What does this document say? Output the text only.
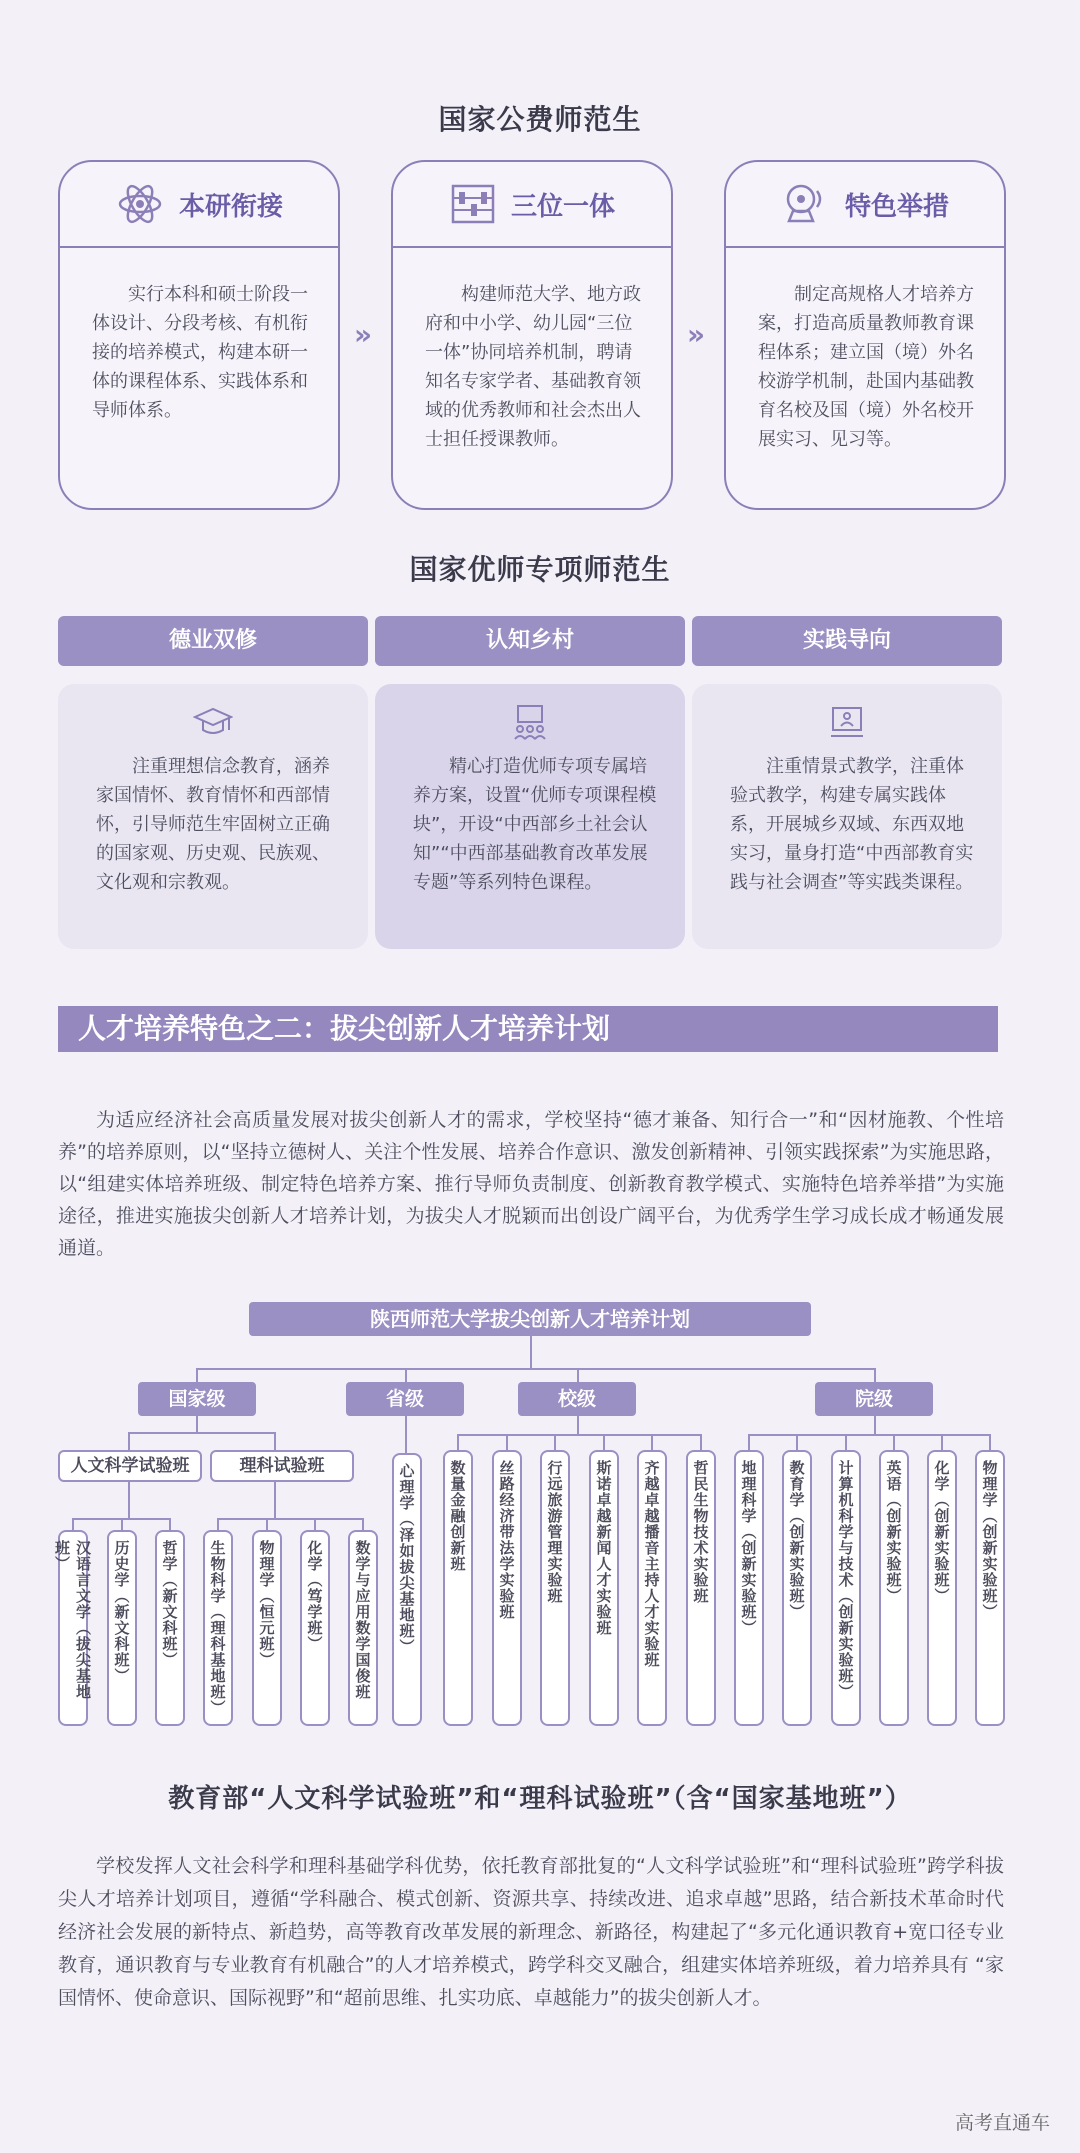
国家公费师范生
本研衔接
实行本科和硕士阶段一体设计、分段考核、有机衔接的培养模式，构建本研一体的课程体系、实践体系和导师体系。
»
三位一体
构建师范大学、地方政府和中小学、幼儿园“三位一体”协同培养机制，聘请知名专家学者、基础教育领域的优秀教师和社会杰出人士担任授课教师。
»
特色举措
制定高规格人才培养方案，打造高质量教师教育课程体系；建立国（境）外名校游学机制，赴国内基础教育名校及国（境）外名校开展实习、见习等。
国家优师专项师范生
德业双修	认知乡村	实践导向
注重理想信念教育，涵养家国情怀、教育情怀和西部情怀，引导师范生牢固树立正确的国家观、历史观、民族观、文化观和宗教观。
精心打造优师专项专属培养方案，设置“优师专项课程模块”，开设“中西部乡土社会认知”“中西部基础教育改革发展专题”等系列特色课程。
注重情景式教学，注重体验式教学，构建专属实践体系，开展城乡双域、东西双地实习，量身打造“中西部教育实践与社会调查”等实践类课程。
人才培养特色之二：拔尖创新人才培养计划
为适应经济社会高质量发展对拔尖创新人才的需求，学校坚持“德才兼备、知行合一”和“因材施教、个性培养”的培养原则，以“坚持立德树人、关注个性发展、培养合作意识、激发创新精神、引领实践探索”为实施思路，以“组建实体培养班级、制定特色培养方案、推行导师负责制度、创新教育教学模式、实施特色培养举措”为实施途径，推进实施拔尖创新人才培养计划，为拔尖人才脱颖而出创设广阔平台，为优秀学生学习成长成才畅通发展通道。
陕西师范大学拔尖创新人才培养计划
国家级	省级	校级	院级
人文科学试验班	理科试验班
汉语言文学（拔尖基地班）	历史学（新文科班）	哲学（新文科班）	生物科学（理科基地班）	物理学（恒元班）	化学（笃学班）	数学与应用数学国俊班	心理学（泽如拔尖基地班）	数量金融创新班	丝路经济带法学实验班	行远旅游管理实验班	斯诺卓越新闻人才实验班	齐越卓越播音主持人才实验班	哲民生物技术实验班	地理科学（创新实验班）	教育学（创新实验班）	计算机科学与技术（创新实验班）	英语（创新实验班）	化学（创新实验班）	物理学（创新实验班）
教育部“人文科学试验班”和“理科试验班”（含“国家基地班”）
学校发挥人文社会科学和理科基础学科优势，依托教育部批复的“人文科学试验班”和“理科试验班”跨学科拔尖人才培养计划项目，遵循“学科融合、模式创新、资源共享、持续改进、追求卓越”思路，结合新技术革命时代经济社会发展的新特点、新趋势，高等教育改革发展的新理念、新路径，构建起了“多元化通识教育+宽口径专业教育，通识教育与专业教育有机融合”的人才培养模式，跨学科交叉融合，组建实体培养班级，着力培养具有 “家国情怀、使命意识、国际视野”和“超前思维、扎实功底、卓越能力”的拔尖创新人才。
高考直通车
